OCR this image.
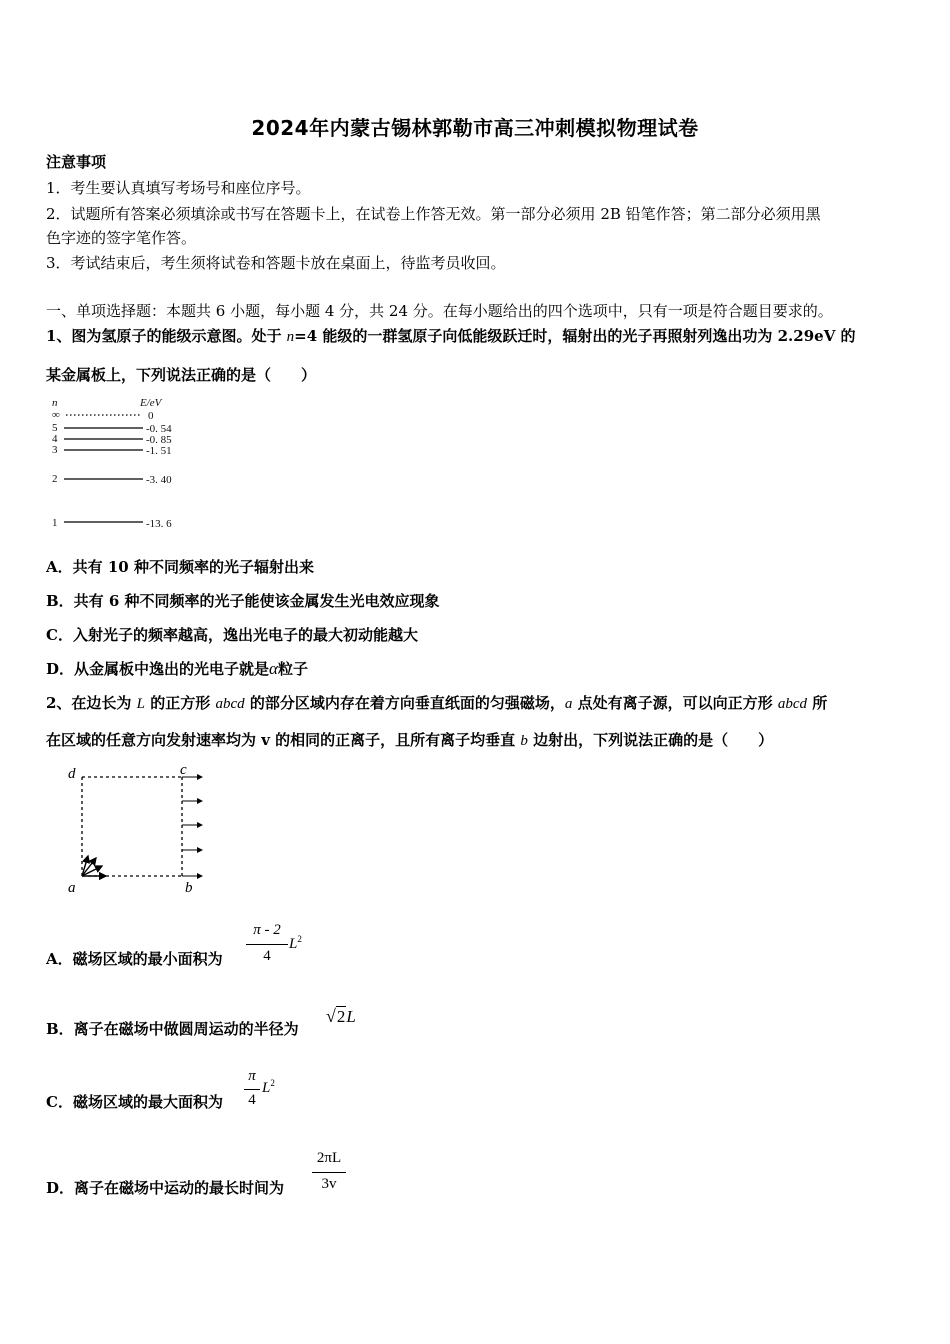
2024年内蒙古锡林郭勒市高三冲刺模拟物理试卷
注意事项
1．考生要认真填写考场号和座位序号。
2．试题所有答案必须填涂或书写在答题卡上，在试卷上作答无效。第一部分必须用 2B 铅笔作答；第二部分必须用黑
色字迹的签字笔作答。
3．考试结束后，考生须将试卷和答题卡放在桌面上，待监考员收回。
一、单项选择题：本题共 6 小题，每小题 4 分，共 24 分。在每小题给出的四个选项中，只有一项是符合题目要求的。
1、图为氢原子的能级示意图。处于 n=4 能级的一群氢原子向低能级跃迁时，辐射出的光子再照射列逸出功为 2.29eV 的
某金属板上，下列说法正确的是（　　）
n	E/eV
∞	0
5	-0. 54
4	-0. 85
3	-1. 51
2	-3. 40
1	-13. 6
A．共有 10 种不同频率的光子辐射出来
B．共有 6 种不同频率的光子能使该金属发生光电效应现象
C．入射光子的频率越高，逸出光电子的最大初动能越大
D．从金属板中逸出的光电子就是α粒子
2、在边长为 L 的正方形 abcd 的部分区域内存在着方向垂直纸面的匀强磁场，a 点处有离子源，可以向正方形 abcd 所
在区域的任意方向发射速率均为 v 的相同的正离子，且所有离子均垂直 b 边射出，下列说法正确的是（　　）
d	c
a	b
A．磁场区域的最小面积为
π - 2
4
$L^2$
B．离子在磁场中做圆周运动的半径为
√2L
C．磁场区域的最大面积为
π
4
$L^2$
D．离子在磁场中运动的最长时间为
2πL
3v
